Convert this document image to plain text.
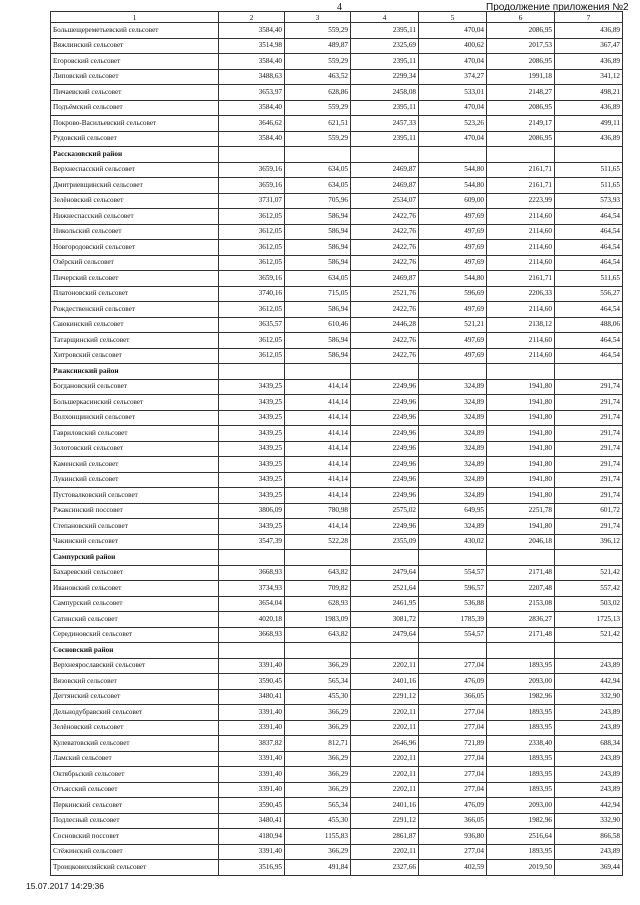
4	Продолжение приложения №2
1	2	3	4	5	6	7
Большещереметьевский сельсовет	3584,40	559,29	2395,11	470,04	2086,95	436,89
Вяжлинский сельсовет	3514,98	489,87	2325,69	400,62	2017,53	367,47
Егоровский сельсовет	3584,40	559,29	2395,11	470,04	2086,95	436,89
Липовский сельсовет	3488,63	463,52	2299,34	374,27	1991,18	341,12
Пичаевский сельсовет	3653,97	628,86	2458,08	533,01	2148,27	498,21
Подъёмский сельсовет	3584,40	559,29	2395,11	470,04	2086,95	436,89
Покрово-Васильевский сельсовет	3646,62	621,51	2457,33	523,26	2149,17	499,11
Рудовский сельсовет	3584,40	559,29	2395,11	470,04	2086,95	436,89
Рассказовский район						
Верхнеспасский сельсовет	3659,16	634,05	2469,87	544,80	2161,71	511,65
Дмитриевщинский сельсовет	3659,16	634,05	2469,87	544,80	2161,71	511,65
Зелёновский сельсовет	3731,07	705,96	2534,07	609,00	2223,99	573,93
Нижнеспасский сельсовет	3612,05	586,94	2422,76	497,69	2114,60	464,54
Никольский сельсовет	3612,05	586,94	2422,76	497,69	2114,60	464,54
Новгородовский сельсовет	3612,05	586,94	2422,76	497,69	2114,60	464,54
Озёрский сельсовет	3612,05	586,94	2422,76	497,69	2114,60	464,54
Пичерский сельсовет	3659,16	634,05	2469,87	544,80	2161,71	511,65
Платоновский сельсовет	3740,16	715,05	2521,76	596,69	2206,33	556,27
Рождественский сельсовет	3612,05	586,94	2422,76	497,69	2114,60	464,54
Саюкинский сельсовет	3635,57	610,46	2446,28	521,21	2138,12	488,06
Татарщинский сельсовет	3612,05	586,94	2422,76	497,69	2114,60	464,54
Хитровский сельсовет	3612,05	586,94	2422,76	497,69	2114,60	464,54
Ржаксинский район						
Богдановский сельсовет	3439,25	414,14	2249,96	324,89	1941,80	291,74
Большеркасинский сельсовет	3439,25	414,14	2249,96	324,89	1941,80	291,74
Волхонщинский сельсовет	3439,25	414,14	2249,96	324,89	1941,80	291,74
Гавриловский сельсовет	3439,25	414,14	2249,96	324,89	1941,80	291,74
Золотовский сельсовет	3439,25	414,14	2249,96	324,89	1941,80	291,74
Каменский сельсовет	3439,25	414,14	2249,96	324,89	1941,80	291,74
Лукинский сельсовет	3439,25	414,14	2249,96	324,89	1941,80	291,74
Пустовалковский сельсовет	3439,25	414,14	2249,96	324,89	1941,80	291,74
Ржаксинский поссовет	3806,09	780,98	2575,02	649,95	2251,78	601,72
Степановский сельсовет	3439,25	414,14	2249,96	324,89	1941,80	291,74
Чакинский сельсовет	3547,39	522,28	2355,09	430,02	2046,18	396,12
Сампурский район						
Бахаревский сельсовет	3668,93	643,82	2479,64	554,57	2171,48	521,42
Ивановский сельсовет	3734,93	709,82	2521,64	596,57	2207,48	557,42
Сампурский сельсовет	3654,04	628,93	2461,95	536,88	2153,08	503,02
Сатинский сельсовет	4020,18	1983,09	3081,72	1785,39	2836,27	1725,13
Серединовский сельсовет	3668,93	643,82	2479,64	554,57	2171,48	521,42
Сосновский район						
Верхнеярославский сельсовет	3391,40	366,29	2202,11	277,04	1893,95	243,89
Вязовский сельсовет	3590,45	565,34	2401,16	476,09	2093,00	442,94
Дегтянский сельсовет	3480,41	455,30	2291,12	366,05	1982,96	332,90
Дельнодубравский сельсовет	3391,40	366,29	2202,11	277,04	1893,95	243,89
Зелёновский сельсовет	3391,40	366,29	2202,11	277,04	1893,95	243,89
Кулеватовский сельсовет	3837,82	812,71	2646,96	721,89	2338,40	688,34
Ламский сельсовет	3391,40	366,29	2202,11	277,04	1893,95	243,89
Октябрьский сельсовет	3391,40	366,29	2202,11	277,04	1893,95	243,89
Отъясский сельсовет	3391,40	366,29	2202,11	277,04	1893,95	243,89
Перкинский сельсовет	3590,45	565,34	2401,16	476,09	2093,00	442,94
Подлесный сельсовет	3480,41	455,30	2291,12	366,05	1982,96	332,90
Сосновский поссовет	4180,94	1155,83	2861,87	936,80	2516,64	866,58
Стёжинский сельсовет	3391,40	366,29	2202,11	277,04	1893,95	243,89
Троицковихляйский сельсовет	3516,95	491,84	2327,66	402,59	2019,50	369,44
15.07.2017 14:29:36
